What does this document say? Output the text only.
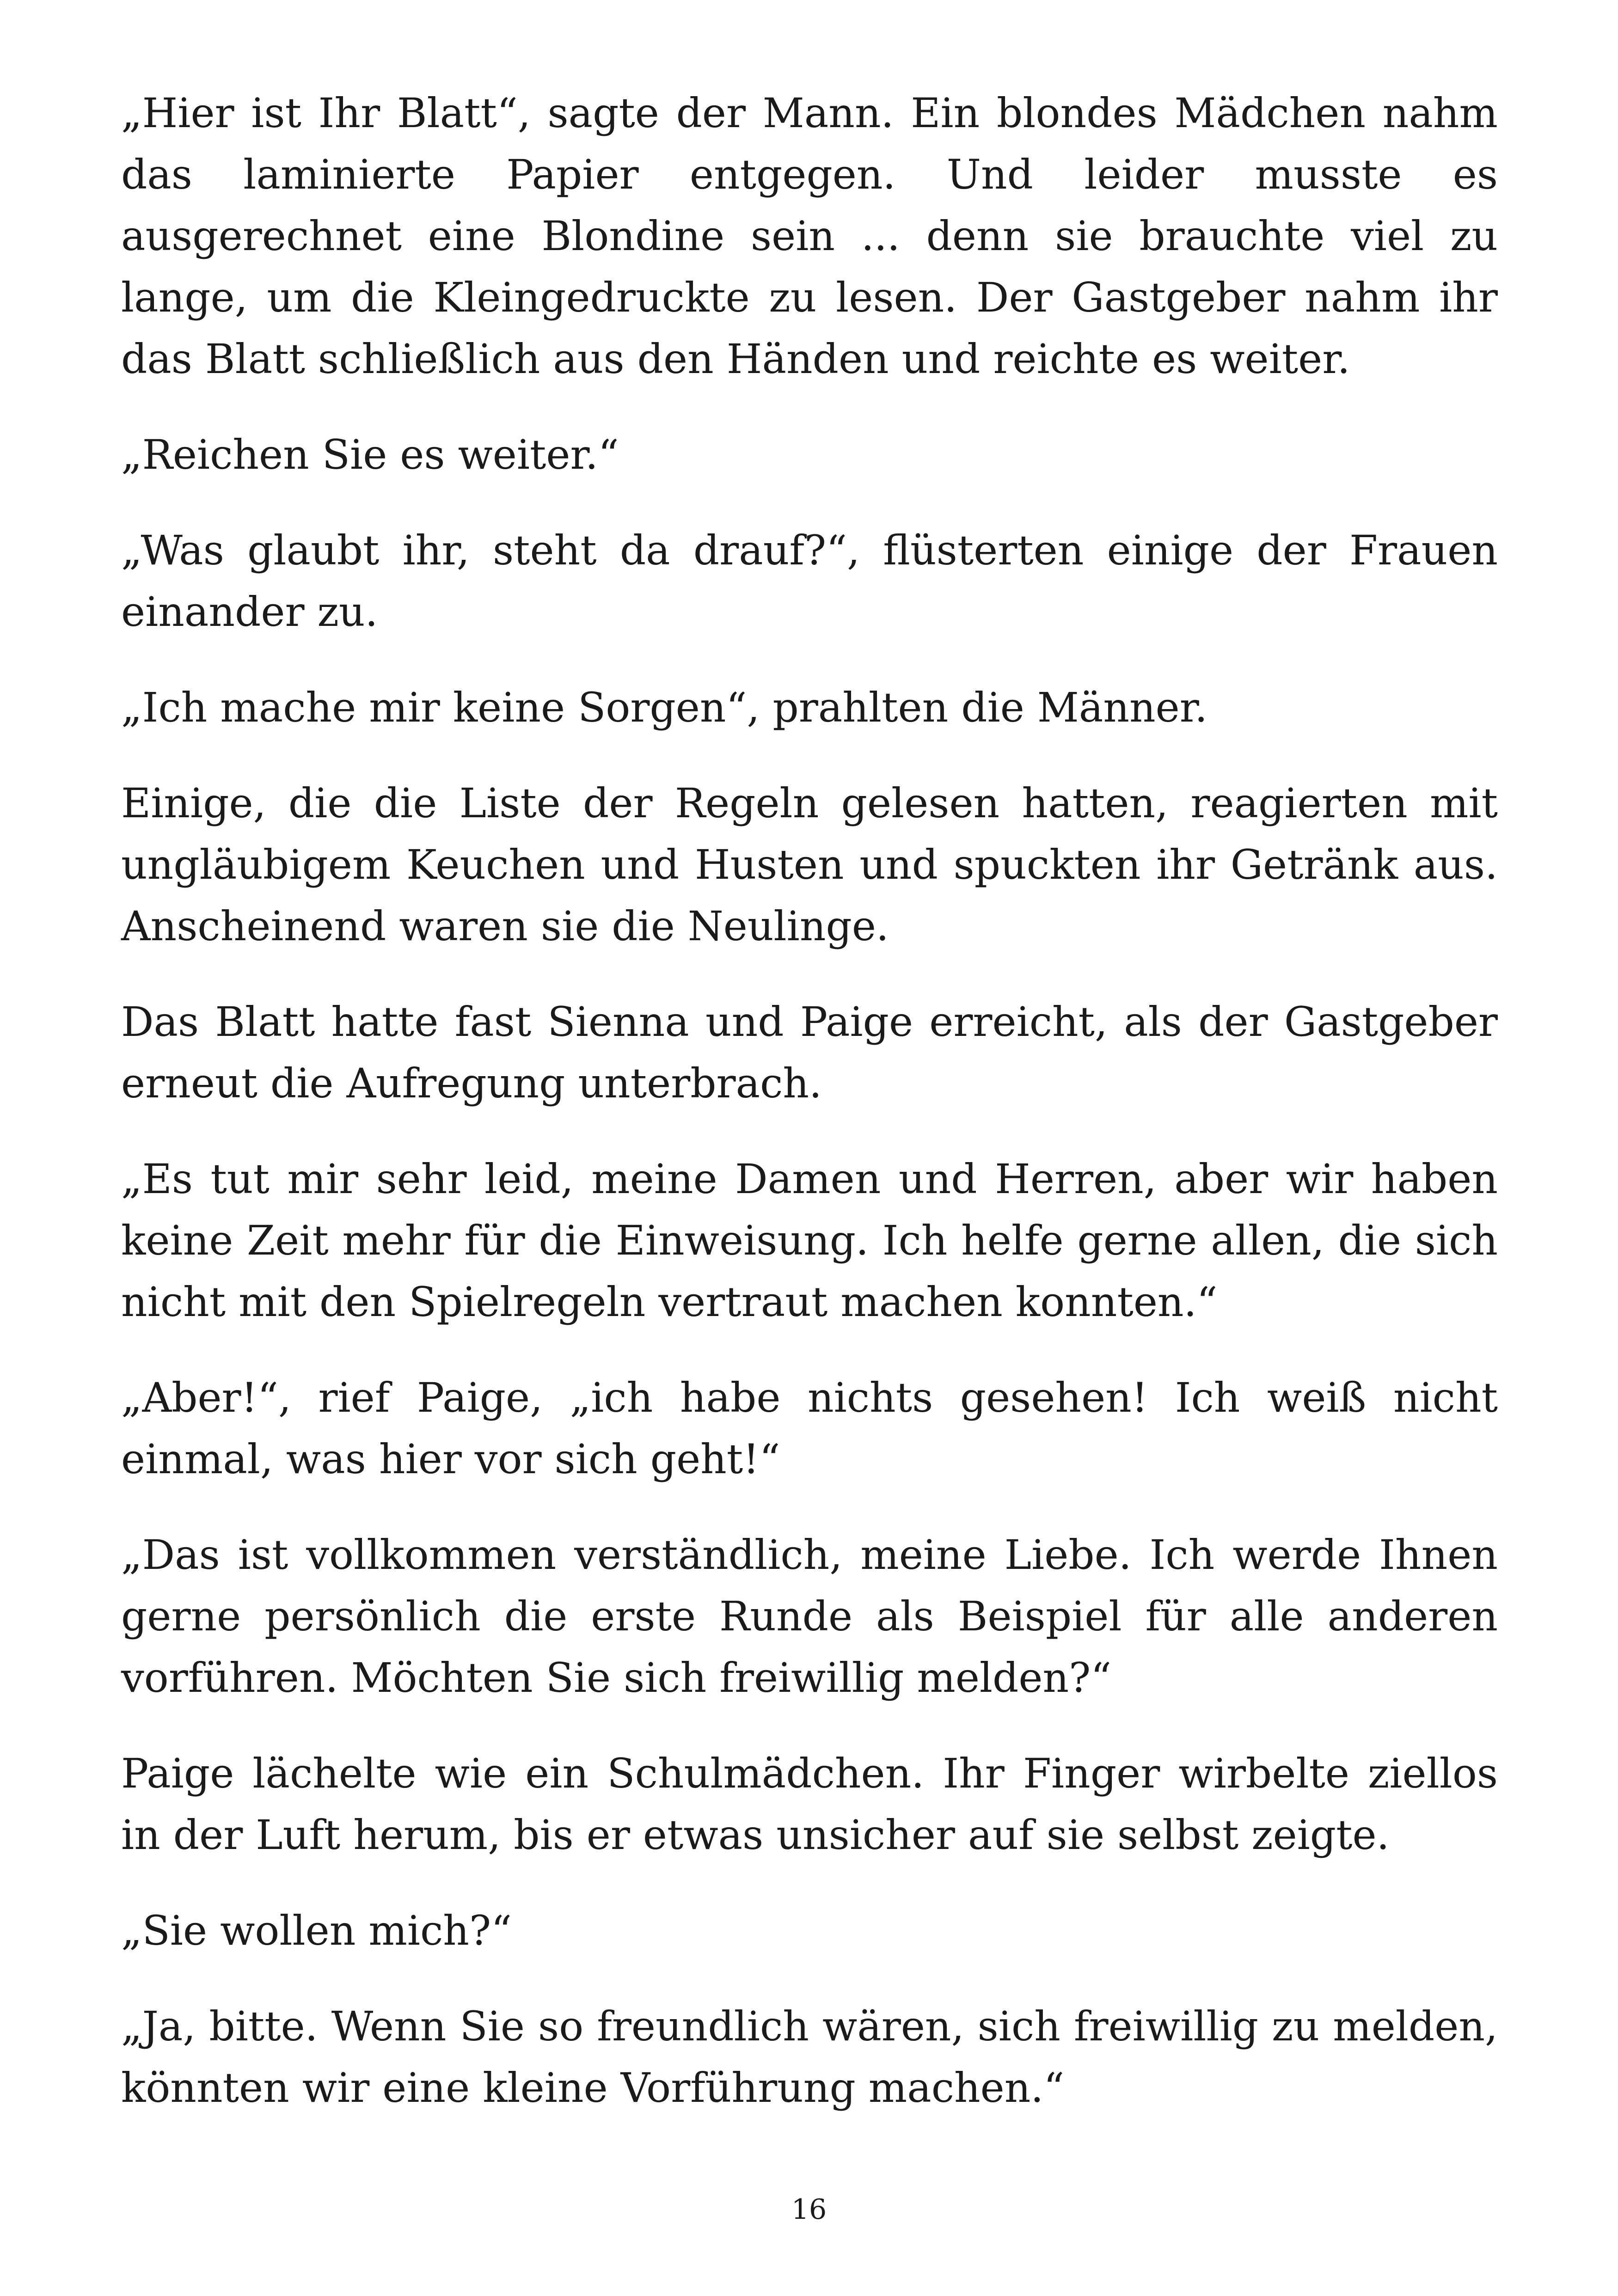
„Hier ist Ihr Blatt“, sagte der Mann. Ein blondes Mädchen nahm das laminierte Papier entgegen. Und leider musste es ausgerechnet eine Blondine sein ... denn sie brauchte viel zu lange, um die Kleingedruckte zu lesen. Der Gastgeber nahm ihr das Blatt schließlich aus den Händen und reichte es weiter.

„Reichen Sie es weiter.“

„Was glaubt ihr, steht da drauf?“, flüsterten einige der Frauen einander zu.

„Ich mache mir keine Sorgen“, prahlten die Männer.

Einige, die die Liste der Regeln gelesen hatten, reagierten mit ungläubigem Keuchen und Husten und spuckten ihr Getränk aus. Anscheinend waren sie die Neulinge.

Das Blatt hatte fast Sienna und Paige erreicht, als der Gastgeber erneut die Aufregung unterbrach.

„Es tut mir sehr leid, meine Damen und Herren, aber wir haben keine Zeit mehr für die Einweisung. Ich helfe gerne allen, die sich nicht mit den Spielregeln vertraut machen konnten.“

„Aber!“, rief Paige, „ich habe nichts gesehen! Ich weiß nicht einmal, was hier vor sich geht!“

„Das ist vollkommen verständlich, meine Liebe. Ich werde Ihnen gerne persönlich die erste Runde als Beispiel für alle anderen vorführen. Möchten Sie sich freiwillig melden?“

Paige lächelte wie ein Schulmädchen. Ihr Finger wirbelte ziellos in der Luft herum, bis er etwas unsicher auf sie selbst zeigte.

„Sie wollen mich?“

„Ja, bitte. Wenn Sie so freundlich wären, sich freiwillig zu melden, könnten wir eine kleine Vorführung machen.“

16
